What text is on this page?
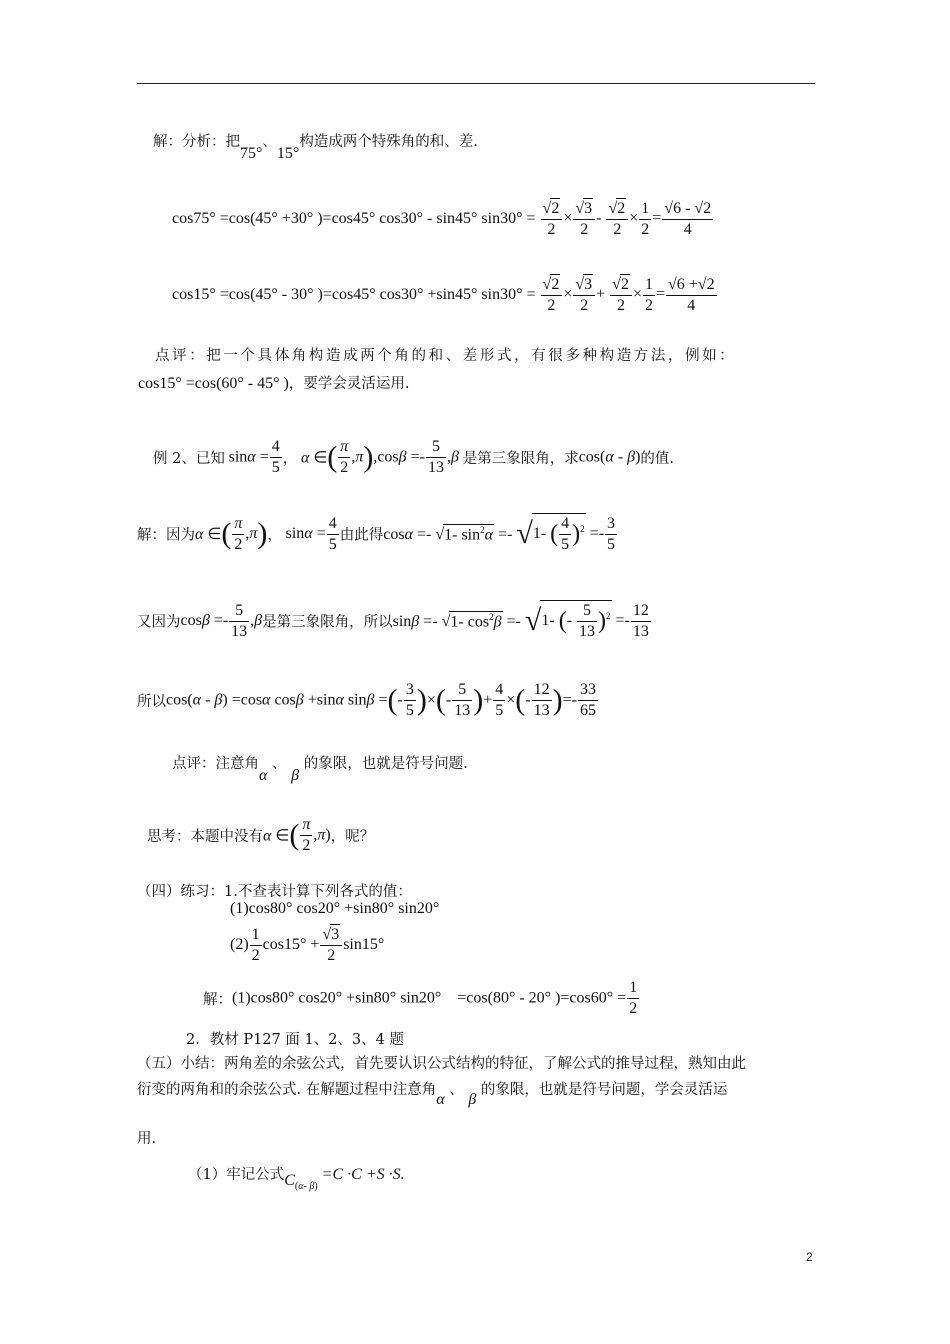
解：分析：把75°、15°构造成两个特殊角的和、差.
cos75° =cos(45° +30° )=cos45° cos30° - sin45° $\sin 30^\circ = \frac{√2}{2} \times \frac{√3}{2} - \frac{√2}{2} \times \frac{1}{2} = \frac{√6 - √2}{4}$
cos15° =cos(45° - 30° )=cos45° cos30° +sin45° $\sin 30^\circ = \frac{√2}{2} \times \frac{√3}{2} + \frac{√2}{2} \times \frac{1}{2} = \frac{√6 +√2}{4}$
点评：把一个具体角构造成两个角的和、差形式，有很多种构造方法，例如：
cos15° =cos(60° - 45° )，要学会灵活运用.
例 2、已知 $\sin\alpha = \frac{4}{5}$ ， α ∈( $\frac{\pi}{2} ,\pi),\cos\beta =- \frac{5}{13} ,\beta$ 是第三象限角，求cos(α - β)的值.
解：因为α ∈( $\frac{\pi}{2} ,\pi$)， $\sin\alpha = \frac{4}{5}$ 由此得cosα =- √1- $\sin^2\alpha =- √1-$ ( $\frac{4}{5} )^2 =- \frac{3}{5}$
又因为$\cos\beta =- \frac{5}{13} ,\beta$是第三象限角，所以sinβ =- √1- $\cos^2\beta =- √1-$ (- $\frac{5}{13} )^2 =- \frac{12}{13}$
所以cos(α - β) =cosα cosβ +sinα sinβ =(- $\frac{3}{5}$ )×(- $\frac{5}{13}$ )+ $\frac{4}{5}$ ×(- $\frac{12}{13}$ )=- $\frac{33}{65}$
点评：注意角α 、 β 的象限，也就是符号问题.
思考：本题中没有α ∈( $\frac{\pi}{2} ,\pi$)，呢？
（四）练习：1.不查表计算下列各式的值：
(1)cos80° cos20° +sin80° sin20°
$(2) \frac{1}{2} \cos 15^\circ + \frac{√3}{2} \sin 15^\circ$
解：(1)cos80° cos20° +sin80° sin20°    =cos(80° - 20° )$=\cos 60^\circ = \frac{1}{2}$
2．教材 P127 面 1、2、3、4 题
（五）小结：两角差的余弦公式，首先要认识公式结构的特征，了解公式的推导过程，熟知由此
衍变的两角和的余弦公式. 在解题过程中注意角α 、 β 的象限，也就是符号问题，学会灵活运
用.
（1）牢记公式$C_{(\alpha- \beta)} =C \cdot C +S \cdot S$.
2
